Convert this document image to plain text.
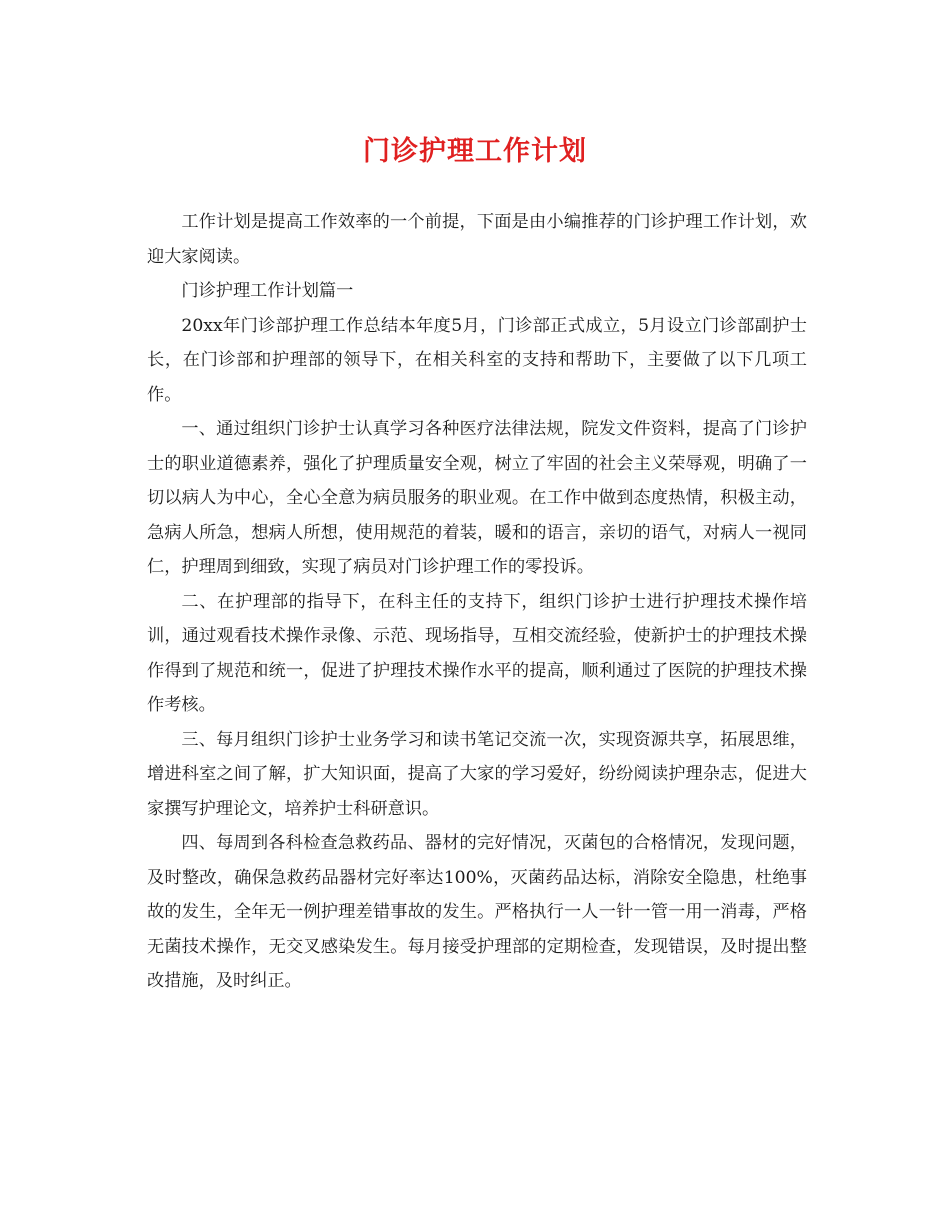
门诊护理工作计划

工作计划是提高工作效率的一个前提，下面是由小编推荐的门诊护理工作计划，欢迎大家阅读。

门诊护理工作计划篇一

20xx年门诊部护理工作总结本年度5月，门诊部正式成立，5月设立门诊部副护士长，在门诊部和护理部的领导下，在相关科室的支持和帮助下，主要做了以下几项工作。

一、通过组织门诊护士认真学习各种医疗法律法规，院发文件资料，提高了门诊护士的职业道德素养，强化了护理质量安全观，树立了牢固的社会主义荣辱观，明确了一切以病人为中心，全心全意为病员服务的职业观。在工作中做到态度热情，积极主动，急病人所急，想病人所想，使用规范的着装，暖和的语言，亲切的语气，对病人一视同仁，护理周到细致，实现了病员对门诊护理工作的零投诉。

二、在护理部的指导下，在科主任的支持下，组织门诊护士进行护理技术操作培训，通过观看技术操作录像、示范、现场指导，互相交流经验，使新护士的护理技术操作得到了规范和统一，促进了护理技术操作水平的提高，顺利通过了医院的护理技术操作考核。

三、每月组织门诊护士业务学习和读书笔记交流一次，实现资源共享，拓展思维，增进科室之间了解，扩大知识面，提高了大家的学习爱好，纷纷阅读护理杂志，促进大家撰写护理论文，培养护士科研意识。

四、每周到各科检查急救药品、器材的完好情况，灭菌包的合格情况，发现问题，及时整改，确保急救药品器材完好率达100%，灭菌药品达标，消除安全隐患，杜绝事故的发生，全年无一例护理差错事故的发生。严格执行一人一针一管一用一消毒，严格无菌技术操作，无交叉感染发生。每月接受护理部的定期检查，发现错误，及时提出整改措施，及时纠正。
